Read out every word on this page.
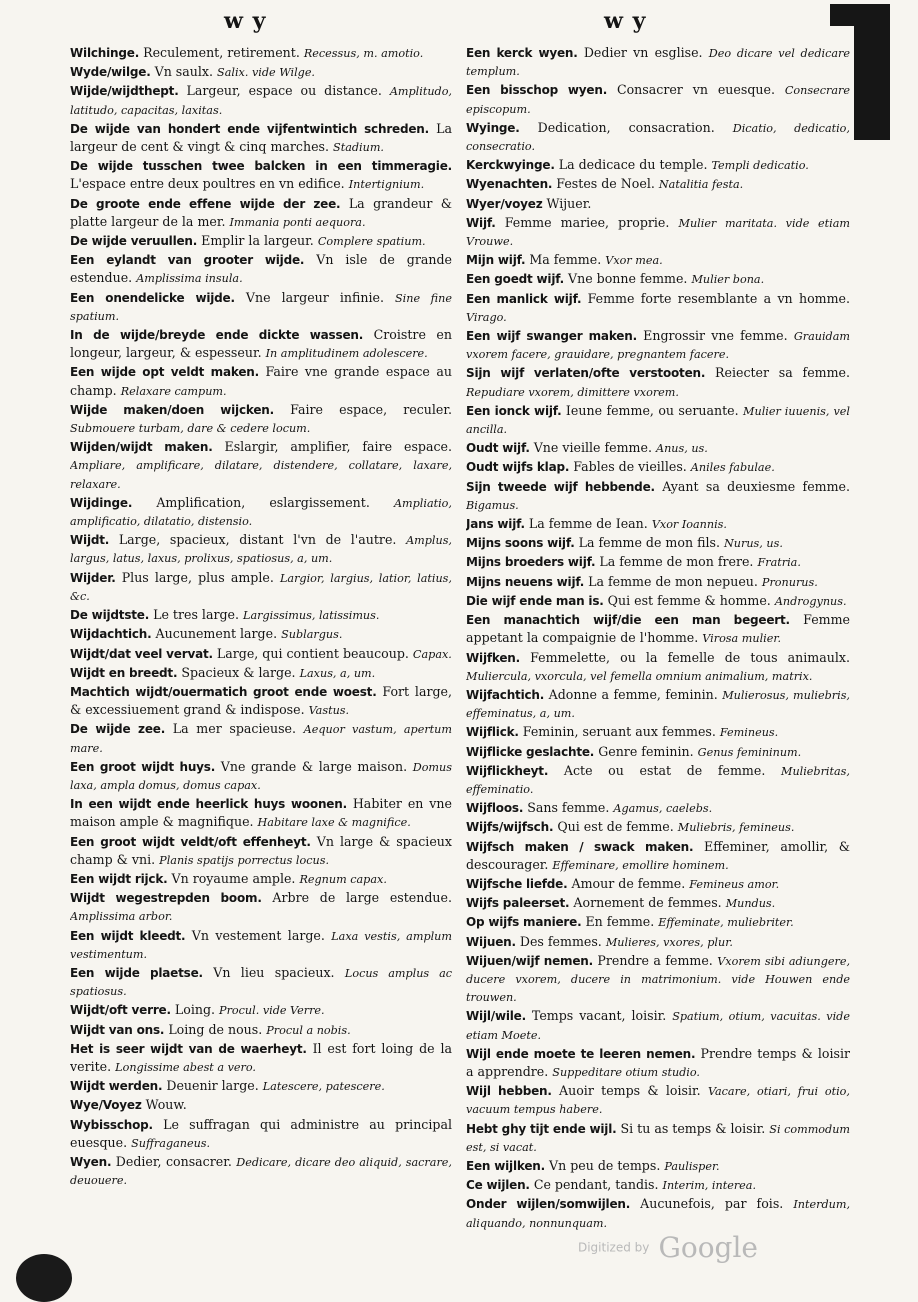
w y	w y

Wilchinge. Reculement, retirement. Recessus, m. amotio.

Wyde/wilge. Vn saulx. Salix. vide Wilge.

Wijde/wijdthept. Largeur, espace ou distance. Amplitudo, latitudo, capacitas, laxitas.

De wijde van hondert ende vijfentwintich schreden. La largeur de cent & vingt & cinq marches. Stadium.

De wijde tusschen twee balcken in een timmeragie. L'espace entre deux poultres en vn edifice. Intertignium.

De groote ende effene wijde der zee. La grandeur & platte largeur de la mer. Immania ponti aequora.

De wijde veruullen. Emplir la largeur. Complere spatium.

Een eylandt van grooter wijde. Vn isle de grande estendue. Amplissima insula.

Een onendelicke wijde. Vne largeur infinie. Sine fine spatium.

In de wijde/breyde ende dickte wassen. Croistre en longeur, largeur, & espesseur. In amplitudinem adolescere.

Een wijde opt veldt maken. Faire vne grande espace au champ. Relaxare campum.

Wijde maken/doen wijcken. Faire espace, reculer. Submouere turbam, dare & cedere locum.

Wijden/wijdt maken. Eslargir, amplifier, faire espace. Ampliare, amplificare, dilatare, distendere, collatare, laxare, relaxare.

Wijdinge. Amplification, eslargissement. Ampliatio, amplificatio, dilatatio, distensio.

Wijdt. Large, spacieux, distant l'vn de l'autre. Amplus, largus, latus, laxus, prolixus, spatiosus, a, um.

Wijder. Plus large, plus ample. Largior, largius, latior, latius, &c.

De wijdtste. Le tres large. Largissimus, latissimus.

Wijdachtich. Aucunement large. Sublargus.

Wijdt/dat veel vervat. Large, qui contient beaucoup. Capax.

Wijdt en breedt. Spacieux & large. Laxus, a, um.

Machtich wijdt/ouermatich groot ende woest. Fort large, & excessiuement grand & indispose. Vastus.

De wijde zee. La mer spacieuse. Aequor vastum, apertum mare.

Een groot wijdt huys. Vne grande & large maison. Domus laxa, ampla domus, domus capax.

In een wijdt ende heerlick huys woonen. Habiter en vne maison ample & magnifique. Habitare laxe & magnifice.

Een groot wijdt veldt/oft effenheyt. Vn large & spacieux champ & vni. Planis spatijs porrectus locus.

Een wijdt rijck. Vn royaume ample. Regnum capax.

Wijdt wegestrepden boom. Arbre de large estendue. Amplissima arbor.

Een wijdt kleedt. Vn vestement large. Laxa vestis, amplum vestimentum.

Een wijde plaetse. Vn lieu spacieux. Locus amplus ac spatiosus.

Wijdt/oft verre. Loing. Procul. vide Verre.

Wijdt van ons. Loing de nous. Procul a nobis.

Het is seer wijdt van de waerheyt. Il est fort loing de la verite. Longissime abest a vero.

Wijdt werden. Deuenir large. Latescere, patescere.

Wye/Voyez Wouw.

Wybisschop. Le suffragan qui administre au principal euesque. Suffraganeus.

Wyen. Dedier, consacrer. Dedicare, dicare deo aliquid, sacrare, deuouere.

Een kerck wyen. Dedier vn esglise. Deo dicare vel dedicare templum.

Een bisschop wyen. Consacrer vn euesque. Consecrare episcopum.

Wyinge. Dedication, consacration. Dicatio, dedicatio, consecratio.

Kerckwyinge. La dedicace du temple. Templi dedicatio.

Wyenachten. Festes de Noel. Natalitia festa.

Wyer/voyez Wijuer.

Wijf. Femme mariee, proprie. Mulier maritata. vide etiam Vrouwe.

Mijn wijf. Ma femme. Vxor mea.

Een goedt wijf. Vne bonne femme. Mulier bona.

Een manlick wijf. Femme forte resemblante a vn homme. Virago.

Een wijf swanger maken. Engrossir vne femme. Grauidam vxorem facere, grauidare, pregnantem facere.

Sijn wijf verlaten/ofte verstooten. Reiecter sa femme. Repudiare vxorem, dimittere vxorem.

Een ionck wijf. Ieune femme, ou seruante. Mulier iuuenis, vel ancilla.

Oudt wijf. Vne vieille femme. Anus, us.

Oudt wijfs klap. Fables de vieilles. Aniles fabulae.

Sijn tweede wijf hebbende. Ayant sa deuxiesme femme. Bigamus.

Jans wijf. La femme de Iean. Vxor Ioannis.

Mijns soons wijf. La femme de mon fils. Nurus, us.

Mijns broeders wijf. La femme de mon frere. Fratria.

Mijns neuens wijf. La femme de mon nepueu. Pronurus.

Die wijf ende man is. Qui est femme & homme. Androgynus.

Een manachtich wijf/die een man begeert. Femme appetant la compaignie de l'homme. Virosa mulier.

Wijfken. Femmelette, ou la femelle de tous animaulx. Muliercula, vxorcula, vel femella omnium animalium, matrix.

Wijfachtich. Adonne a femme, feminin. Mulierosus, muliebris, effeminatus, a, um.

Wijflick. Feminin, seruant aux femmes. Femineus.

Wijflicke geslachte. Genre feminin. Genus femininum.

Wijflickheyt. Acte ou estat de femme. Muliebritas, effeminatio.

Wijfloos. Sans femme. Agamus, caelebs.

Wijfs/wijfsch. Qui est de femme. Muliebris, femineus.

Wijfsch maken / swack maken. Effeminer, amollir, & descourager. Effeminare, emollire hominem.

Wijfsche liefde. Amour de femme. Femineus amor.

Wijfs paleerset. Aornement de femmes. Mundus.

Op wijfs maniere. En femme. Effeminate, muliebriter.

Wijuen. Des femmes. Mulieres, vxores, plur.

Wijuen/wijf nemen. Prendre a femme. Vxorem sibi adiungere, ducere vxorem, ducere in matrimonium. vide Houwen ende trouwen.

Wijl/wile. Temps vacant, loisir. Spatium, otium, vacuitas. vide etiam Moete.

Wijl ende moete te leeren nemen. Prendre temps & loisir a apprendre. Suppeditare otium studio.

Wijl hebben. Auoir temps & loisir. Vacare, otiari, frui otio, vacuum tempus habere.

Hebt ghy tijt ende wijl. Si tu as temps & loisir. Si commodum est, si vacat.

Een wijlken. Vn peu de temps. Paulisper.

Ce wijlen. Ce pendant, tandis. Interim, interea.

Onder wijlen/somwijlen. Aucunefois, par fois. Interdum, aliquando, nonnunquam.

Digitized by Google
